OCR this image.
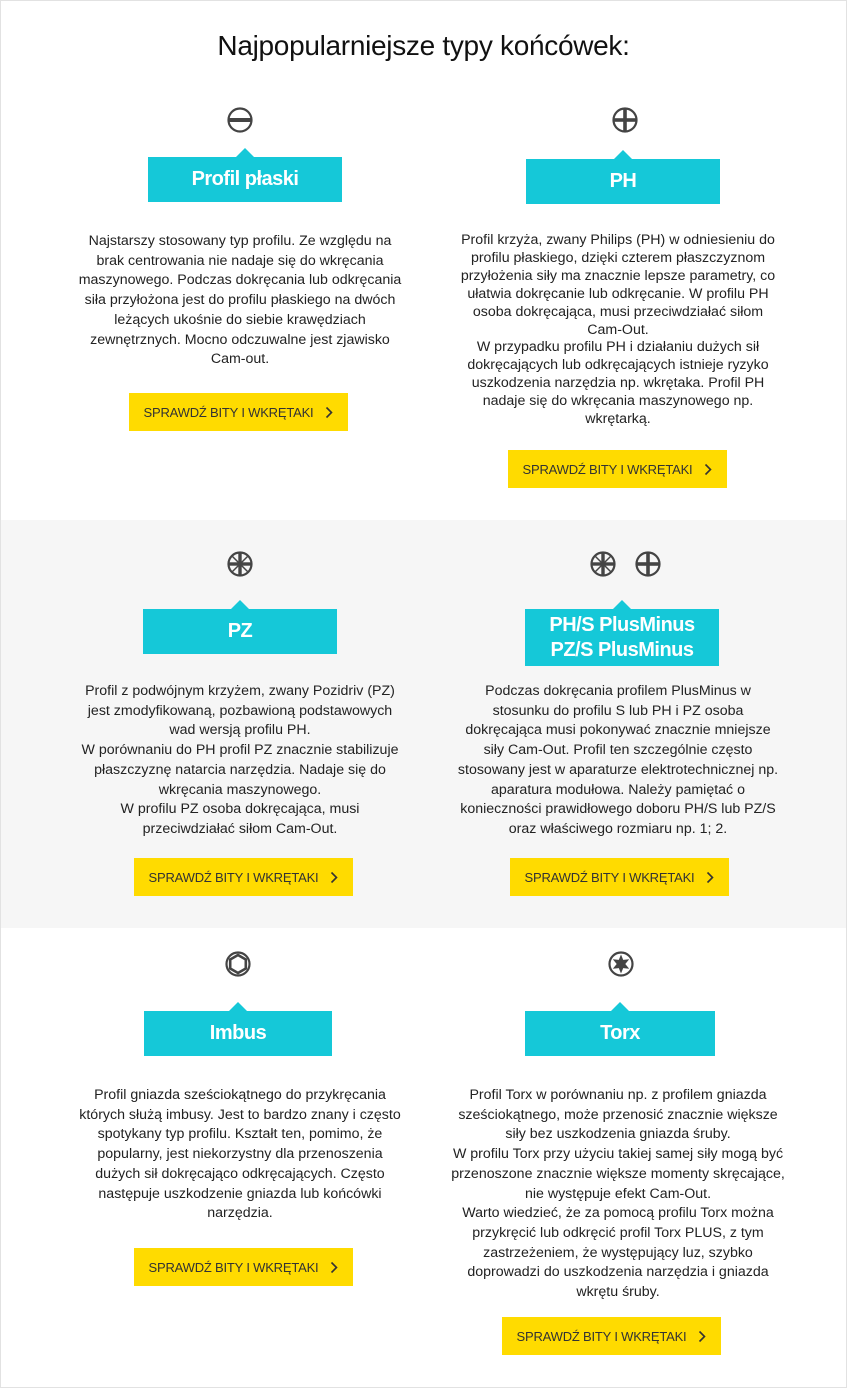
Najpopularniejsze typy końcówek:
Profil płaski
Najstarszy stosowany typ profilu. Ze względu na
brak centrowania nie nadaje się do wkręcania
maszynowego. Podczas dokręcania lub odkręcania
siła przyłożona jest do profilu płaskiego na dwóch
leżących ukośnie do siebie krawędziach
zewnętrznych. Mocno odczuwalne jest zjawisko
Cam-out.
SPRAWDŹ BITY I WKRĘTAKI
PH
Profil krzyża, zwany Philips (PH) w odniesieniu do
profilu płaskiego, dzięki czterem płaszczyznom
przyłożenia siły ma znacznie lepsze parametry, co
ułatwia dokręcanie lub odkręcanie. W profilu PH
osoba dokręcająca, musi przeciwdziałać siłom
Cam-Out.
W przypadku profilu PH i działaniu dużych sił
dokręcających lub odkręcających istnieje ryzyko
uszkodzenia narzędzia np. wkrętaka. Profil PH
nadaje się do wkręcania maszynowego np.
wkrętarką.
SPRAWDŹ BITY I WKRĘTAKI
PZ
Profil z podwójnym krzyżem, zwany Pozidriv (PZ)
jest zmodyfikowaną, pozbawioną podstawowych
wad wersją profilu PH.
W porównaniu do PH profil PZ znacznie stabilizuje
płaszczyznę natarcia narzędzia. Nadaje się do
wkręcania maszynowego.
W profilu PZ osoba dokręcająca, musi
przeciwdziałać siłom Cam-Out.
SPRAWDŹ BITY I WKRĘTAKI
PH/S PlusMinus
PZ/S PlusMinus
Podczas dokręcania profilem PlusMinus w
stosunku do profilu S lub PH i PZ osoba
dokręcająca musi pokonywać znacznie mniejsze
siły Cam-Out. Profil ten szczególnie często
stosowany jest w aparaturze elektrotechnicznej np.
aparatura modułowa. Należy pamiętać o
konieczności prawidłowego doboru PH/S lub PZ/S
oraz właściwego rozmiaru np. 1; 2.
SPRAWDŹ BITY I WKRĘTAKI
Imbus
Profil gniazda sześciokątnego do przykręcania
których służą imbusy. Jest to bardzo znany i często
spotykany typ profilu. Kształt ten, pomimo, że
popularny, jest niekorzystny dla przenoszenia
dużych sił dokręcająco odkręcających. Często
następuje uszkodzenie gniazda lub końcówki
narzędzia.
SPRAWDŹ BITY I WKRĘTAKI
Torx
Profil Torx w porównaniu np. z profilem gniazda
sześciokątnego, może przenosić znacznie większe
siły bez uszkodzenia gniazda śruby.
W profilu Torx przy użyciu takiej samej siły mogą być
przenoszone znacznie większe momenty skręcające,
nie występuje efekt Cam-Out.
Warto wiedzieć, że za pomocą profilu Torx można
przykręcić lub odkręcić profil Torx PLUS, z tym
zastrzeżeniem, że występujący luz, szybko
doprowadzi do uszkodzenia narzędzia i gniazda
wkrętu śruby.
SPRAWDŹ BITY I WKRĘTAKI
